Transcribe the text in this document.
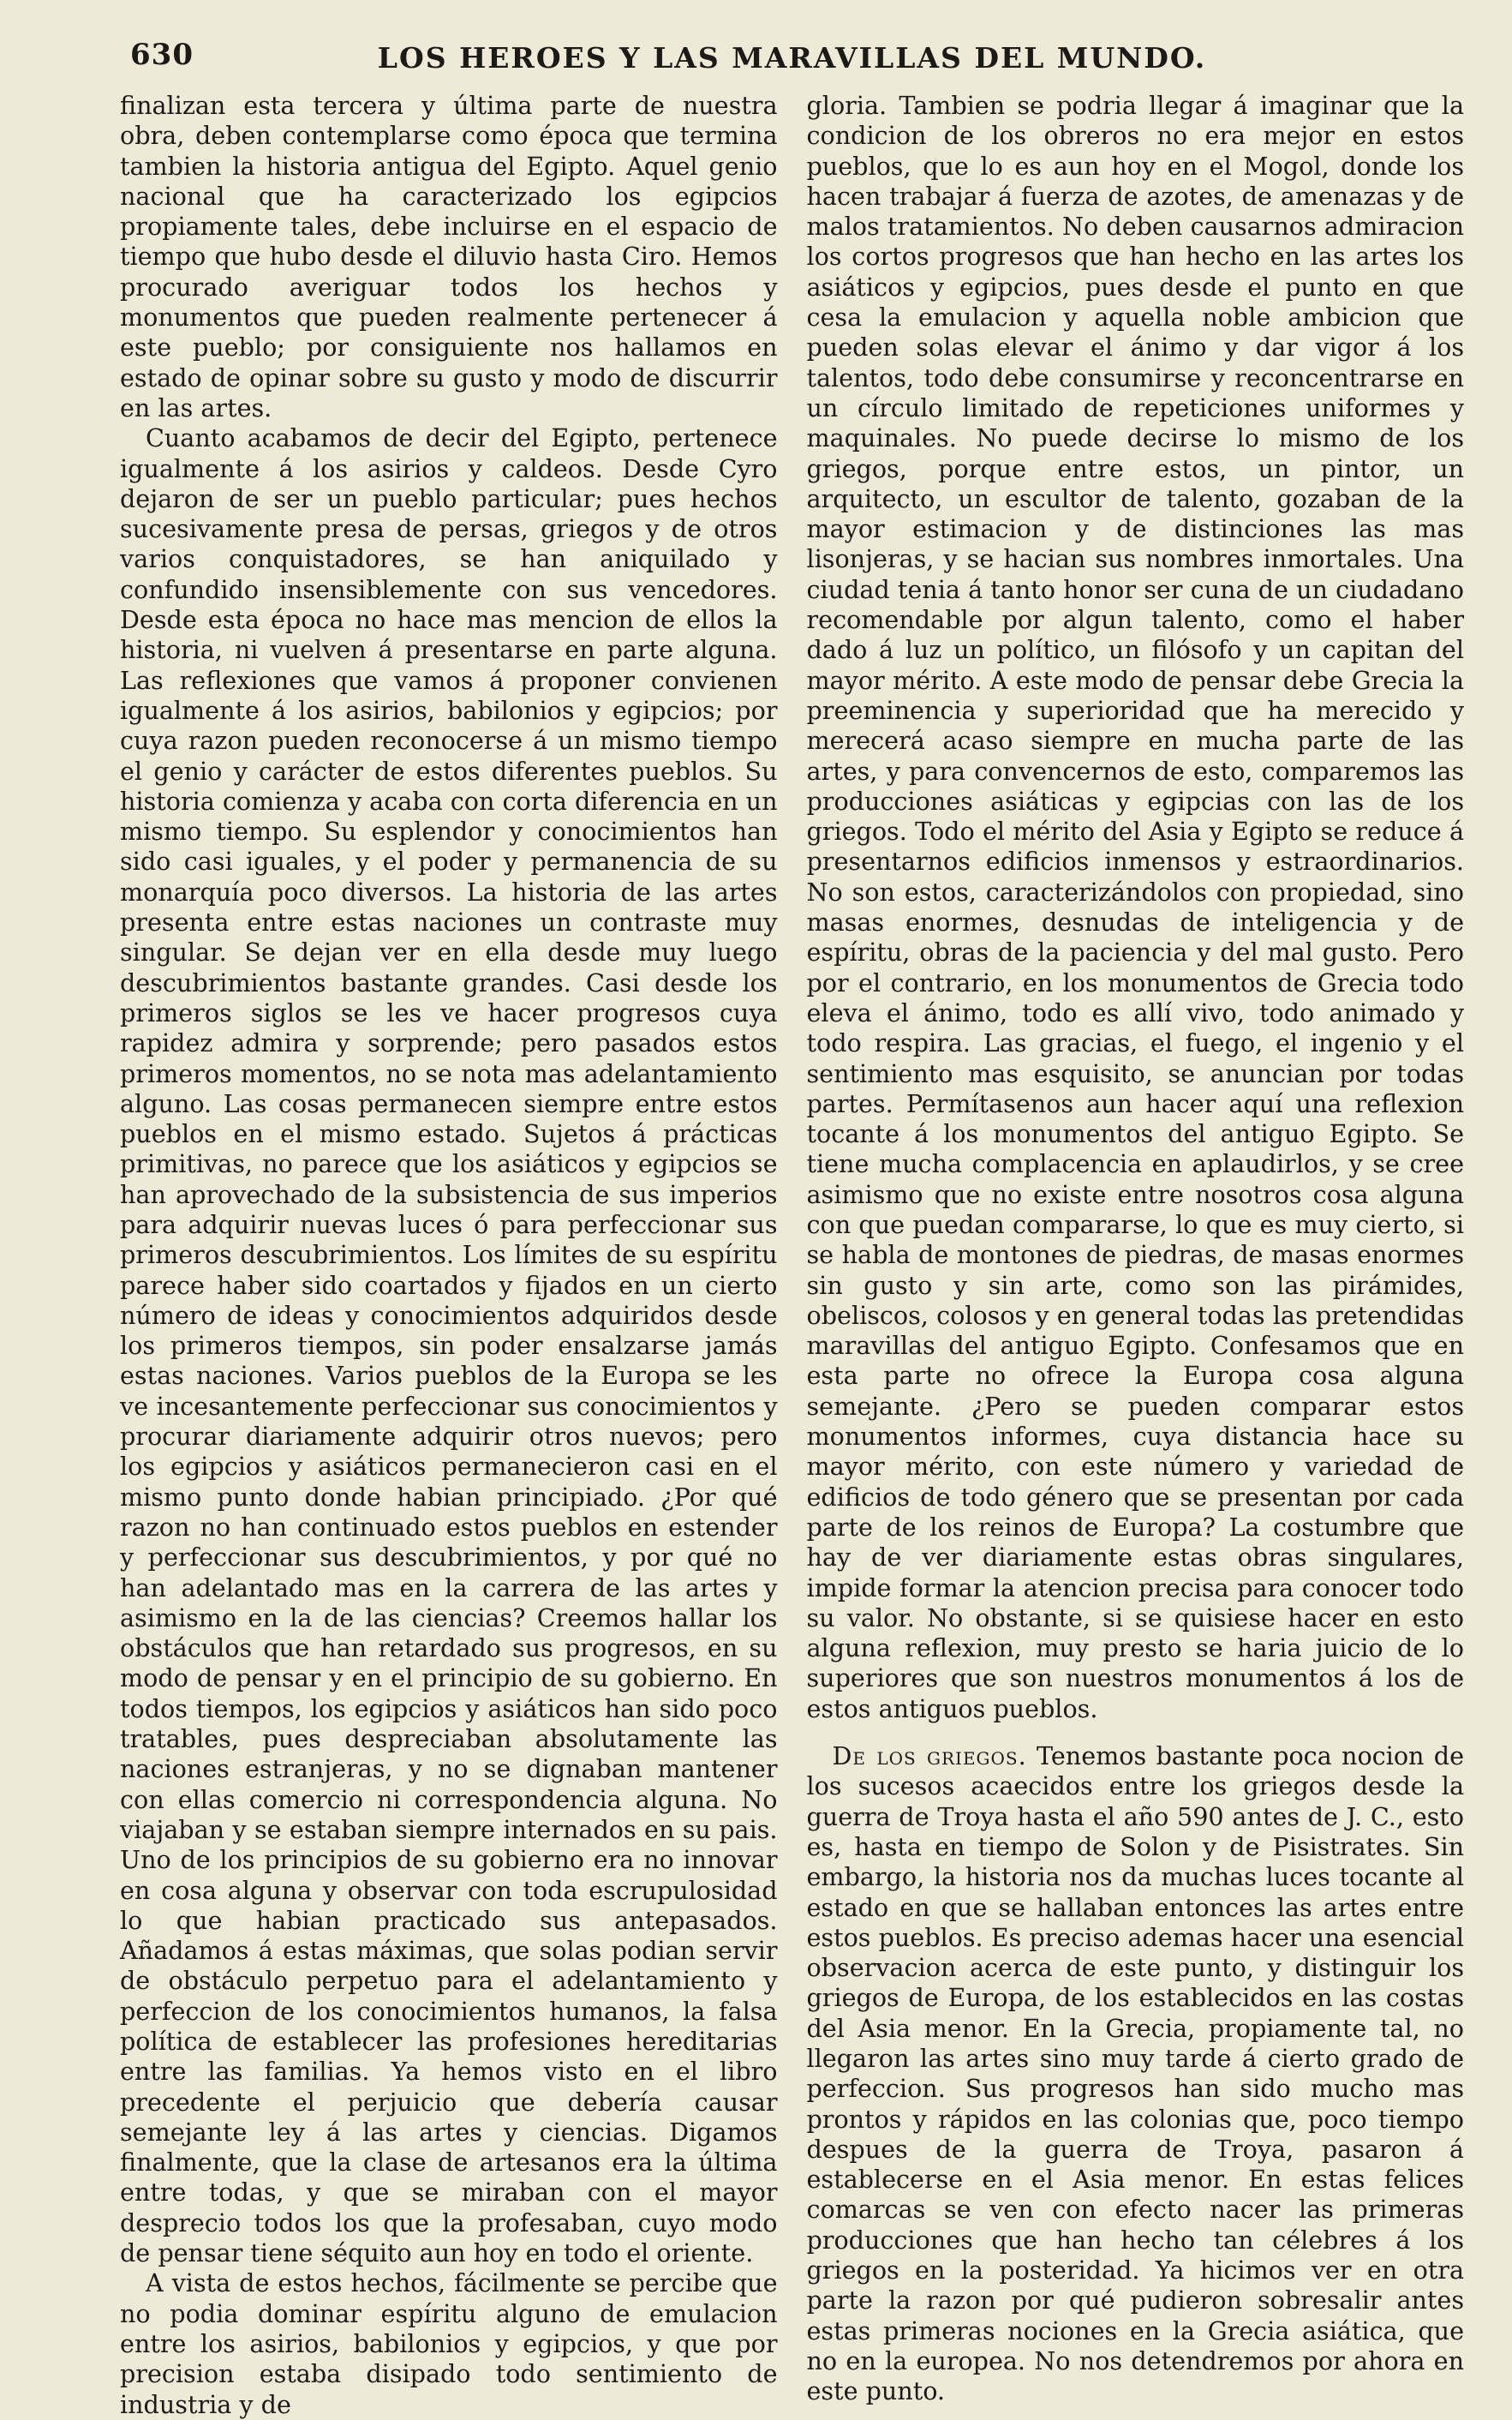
630	LOS HEROES Y LAS MARAVILLAS DEL MUNDO.

finalizan esta tercera y última parte de nuestra obra, deben contemplarse como época que termina tambien la historia antigua del Egipto. Aquel genio nacional que ha caracterizado los egipcios propiamente tales, debe incluirse en el espacio de tiempo que hubo desde el diluvio hasta Ciro. Hemos procurado averiguar todos los hechos y monumentos que pueden realmente pertenecer á este pueblo; por consiguiente nos hallamos en estado de opinar sobre su gusto y modo de discurrir en las artes.

Cuanto acabamos de decir del Egipto, pertenece igualmente á los asirios y caldeos. Desde Cyro dejaron de ser un pueblo particular; pues hechos sucesivamente presa de persas, griegos y de otros varios conquistadores, se han aniquilado y confundido insensiblemente con sus vencedores. Desde esta época no hace mas mencion de ellos la historia, ni vuelven á presentarse en parte alguna. Las reflexiones que vamos á proponer convienen igualmente á los asirios, babilonios y egipcios; por cuya razon pueden reconocerse á un mismo tiempo el genio y carácter de estos diferentes pueblos. Su historia comienza y acaba con corta diferencia en un mismo tiempo. Su esplendor y conocimientos han sido casi iguales, y el poder y permanencia de su monarquía poco diversos. La historia de las artes presenta entre estas naciones un contraste muy singular. Se dejan ver en ella desde muy luego descubrimientos bastante grandes. Casi desde los primeros siglos se les ve hacer progresos cuya rapidez admira y sorprende; pero pasados estos primeros momentos, no se nota mas adelantamiento alguno. Las cosas permanecen siempre entre estos pueblos en el mismo estado. Sujetos á prácticas primitivas, no parece que los asiáticos y egipcios se han aprovechado de la subsistencia de sus imperios para adquirir nuevas luces ó para perfeccionar sus primeros descubrimientos. Los límites de su espíritu parece haber sido coartados y fijados en un cierto número de ideas y conocimientos adquiridos desde los primeros tiempos, sin poder ensalzarse jamás estas naciones. Varios pueblos de la Europa se les ve incesantemente perfeccionar sus conocimientos y procurar diariamente adquirir otros nuevos; pero los egipcios y asiáticos permanecieron casi en el mismo punto donde habian principiado. ¿Por qué razon no han continuado estos pueblos en estender y perfeccionar sus descubrimientos, y por qué no han adelantado mas en la carrera de las artes y asimismo en la de las ciencias? Creemos hallar los obstáculos que han retardado sus progresos, en su modo de pensar y en el principio de su gobierno. En todos tiempos, los egipcios y asiáticos han sido poco tratables, pues despreciaban absolutamente las naciones estranjeras, y no se dignaban mantener con ellas comercio ni correspondencia alguna. No viajaban y se estaban siempre internados en su pais. Uno de los principios de su gobierno era no innovar en cosa alguna y observar con toda escrupulosidad lo que habian practicado sus antepasados. Añadamos á estas máximas, que solas podian servir de obstáculo perpetuo para el adelantamiento y perfeccion de los conocimientos humanos, la falsa política de establecer las profesiones hereditarias entre las familias. Ya hemos visto en el libro precedente el perjuicio que debería causar semejante ley á las artes y ciencias. Digamos finalmente, que la clase de artesanos era la última entre todas, y que se miraban con el mayor desprecio todos los que la profesaban, cuyo modo de pensar tiene séquito aun hoy en todo el oriente.

A vista de estos hechos, fácilmente se percibe que no podia dominar espíritu alguno de emulacion entre los asirios, babilonios y egipcios, y que por precision estaba disipado todo sentimiento de industria y de

gloria. Tambien se podria llegar á imaginar que la condicion de los obreros no era mejor en estos pueblos, que lo es aun hoy en el Mogol, donde los hacen trabajar á fuerza de azotes, de amenazas y de malos tratamientos. No deben causarnos admiracion los cortos progresos que han hecho en las artes los asiáticos y egipcios, pues desde el punto en que cesa la emulacion y aquella noble ambicion que pueden solas elevar el ánimo y dar vigor á los talentos, todo debe consumirse y reconcentrarse en un círculo limitado de repeticiones uniformes y maquinales. No puede decirse lo mismo de los griegos, porque entre estos, un pintor, un arquitecto, un escultor de talento, gozaban de la mayor estimacion y de distinciones las mas lisonjeras, y se hacian sus nombres inmortales. Una ciudad tenia á tanto honor ser cuna de un ciudadano recomendable por algun talento, como el haber dado á luz un político, un filósofo y un capitan del mayor mérito. A este modo de pensar debe Grecia la preeminencia y superioridad que ha merecido y merecerá acaso siempre en mucha parte de las artes, y para convencernos de esto, comparemos las producciones asiáticas y egipcias con las de los griegos. Todo el mérito del Asia y Egipto se reduce á presentarnos edificios inmensos y estraordinarios. No son estos, caracterizándolos con propiedad, sino masas enormes, desnudas de inteligencia y de espíritu, obras de la paciencia y del mal gusto. Pero por el contrario, en los monumentos de Grecia todo eleva el ánimo, todo es allí vivo, todo animado y todo respira. Las gracias, el fuego, el ingenio y el sentimiento mas esquisito, se anuncian por todas partes. Permítasenos aun hacer aquí una reflexion tocante á los monumentos del antiguo Egipto. Se tiene mucha complacencia en aplaudirlos, y se cree asimismo que no existe entre nosotros cosa alguna con que puedan compararse, lo que es muy cierto, si se habla de montones de piedras, de masas enormes sin gusto y sin arte, como son las pirámides, obeliscos, colosos y en general todas las pretendidas maravillas del antiguo Egipto. Confesamos que en esta parte no ofrece la Europa cosa alguna semejante. ¿Pero se pueden comparar estos monumentos informes, cuya distancia hace su mayor mérito, con este número y variedad de edificios de todo género que se presentan por cada parte de los reinos de Europa? La costumbre que hay de ver diariamente estas obras singulares, impide formar la atencion precisa para conocer todo su valor. No obstante, si se quisiese hacer en esto alguna reflexion, muy presto se haria juicio de lo superiores que son nuestros monumentos á los de estos antiguos pueblos.

De los griegos. Tenemos bastante poca nocion de los sucesos acaecidos entre los griegos desde la guerra de Troya hasta el año 590 antes de J. C., esto es, hasta en tiempo de Solon y de Pisistrates. Sin embargo, la historia nos da muchas luces tocante al estado en que se hallaban entonces las artes entre estos pueblos. Es preciso ademas hacer una esencial observacion acerca de este punto, y distinguir los griegos de Europa, de los establecidos en las costas del Asia menor. En la Grecia, propiamente tal, no llegaron las artes sino muy tarde á cierto grado de perfeccion. Sus progresos han sido mucho mas prontos y rápidos en las colonias que, poco tiempo despues de la guerra de Troya, pasaron á establecerse en el Asia menor. En estas felices comarcas se ven con efecto nacer las primeras producciones que han hecho tan célebres á los griegos en la posteridad. Ya hicimos ver en otra parte la razon por qué pudieron sobresalir antes estas primeras nociones en la Grecia asiática, que no en la europea. No nos detendremos por ahora en este punto.
